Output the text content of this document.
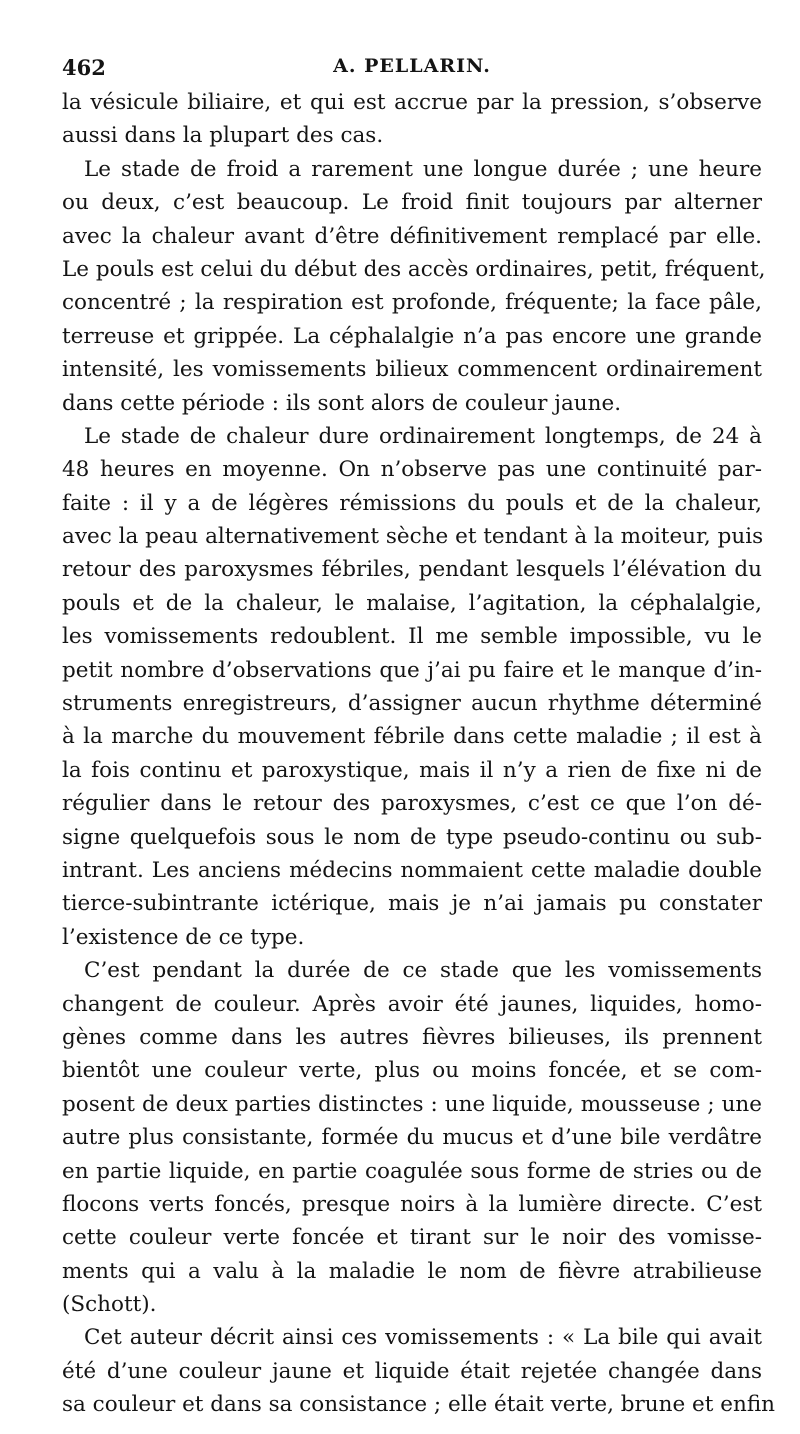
462	A. PELLARIN.
la vésicule biliaire, et qui est accrue par la pression, s’observe
aussi dans la plupart des cas.
Le stade de froid a rarement une longue durée ; une heure
ou deux, c’est beaucoup. Le froid finit toujours par alterner
avec la chaleur avant d’être définitivement remplacé par elle.
Le pouls est celui du début des accès ordinaires, petit, fréquent,
concentré ; la respiration est profonde, fréquente; la face pâle,
terreuse et grippée. La céphalalgie n’a pas encore une grande
intensité, les vomissements bilieux commencent ordinairement
dans cette période : ils sont alors de couleur jaune.
Le stade de chaleur dure ordinairement longtemps, de 24 à
48 heures en moyenne. On n’observe pas une continuité par-
faite : il y a de légères rémissions du pouls et de la chaleur,
avec la peau alternativement sèche et tendant à la moiteur, puis
retour des paroxysmes fébriles, pendant lesquels l’élévation du
pouls et de la chaleur, le malaise, l’agitation, la céphalalgie,
les vomissements redoublent. Il me semble impossible, vu le
petit nombre d’observations que j’ai pu faire et le manque d’in-
struments enregistreurs, d’assigner aucun rhythme déterminé
à la marche du mouvement fébrile dans cette maladie ; il est à
la fois continu et paroxystique, mais il n’y a rien de fixe ni de
régulier dans le retour des paroxysmes, c’est ce que l’on dé-
signe quelquefois sous le nom de type pseudo-continu ou sub-
intrant. Les anciens médecins nommaient cette maladie double
tierce-subintrante ictérique, mais je n’ai jamais pu constater
l’existence de ce type.
C’est pendant la durée de ce stade que les vomissements
changent de couleur. Après avoir été jaunes, liquides, homo-
gènes comme dans les autres fièvres bilieuses, ils prennent
bientôt une couleur verte, plus ou moins foncée, et se com-
posent de deux parties distinctes : une liquide, mousseuse ; une
autre plus consistante, formée du mucus et d’une bile verdâtre
en partie liquide, en partie coagulée sous forme de stries ou de
flocons verts foncés, presque noirs à la lumière directe. C’est
cette couleur verte foncée et tirant sur le noir des vomisse-
ments qui a valu à la maladie le nom de fièvre atrabilieuse
(Schott).
Cet auteur décrit ainsi ces vomissements : « La bile qui avait
été d’une couleur jaune et liquide était rejetée changée dans
sa couleur et dans sa consistance ; elle était verte, brune et enfin
